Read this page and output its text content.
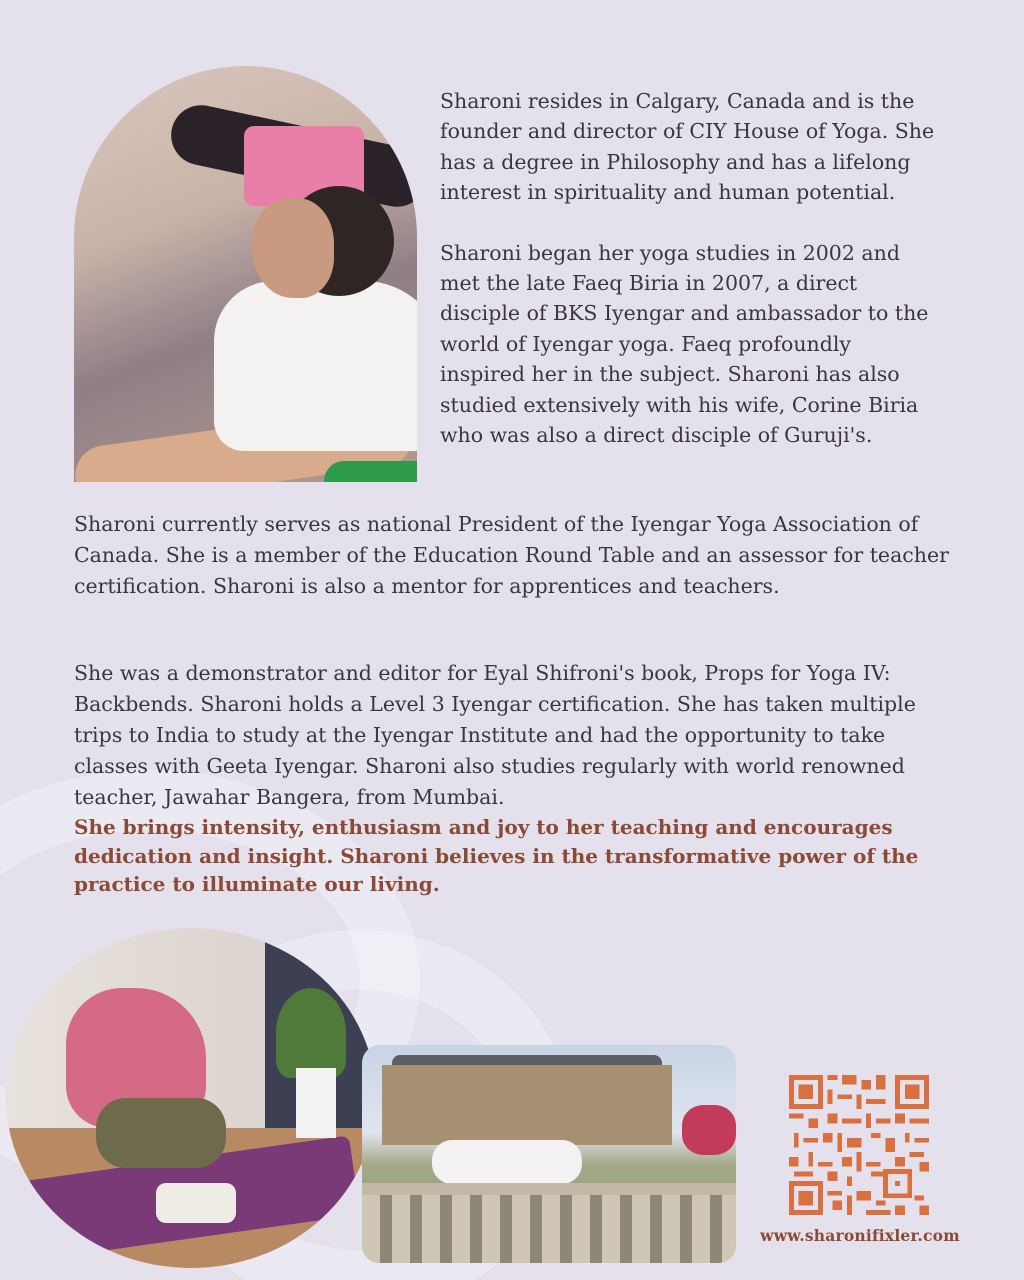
Sharoni resides in Calgary, Canada and is the founder and director of CIY House of Yoga. She has a degree in Philosophy and has a lifelong interest in spirituality and human potential.

Sharoni began her yoga studies in 2002 and met the late Faeq Biria in 2007, a direct disciple of BKS Iyengar and ambassador to the world of Iyengar yoga. Faeq profoundly inspired her in the subject. Sharoni has also studied extensively with his wife, Corine Biria who was also a direct disciple of Guruji's.

Sharoni currently serves as national President of the Iyengar Yoga Association of Canada. She is a member of the Education Round Table and an assessor for teacher certification. Sharoni is also a mentor for apprentices and teachers.

She was a demonstrator and editor for Eyal Shifroni's book, Props for Yoga IV: Backbends. Sharoni holds a Level 3 Iyengar certification. She has taken multiple trips to India to study at the Iyengar Institute and had the opportunity to take classes with Geeta Iyengar. Sharoni also studies regularly with world renowned teacher, Jawahar Bangera, from Mumbai.

She brings intensity, enthusiasm and joy to her teaching and encourages dedication and insight. Sharoni believes in the transformative power of the practice to illuminate our living.

www.sharonifixler.com
